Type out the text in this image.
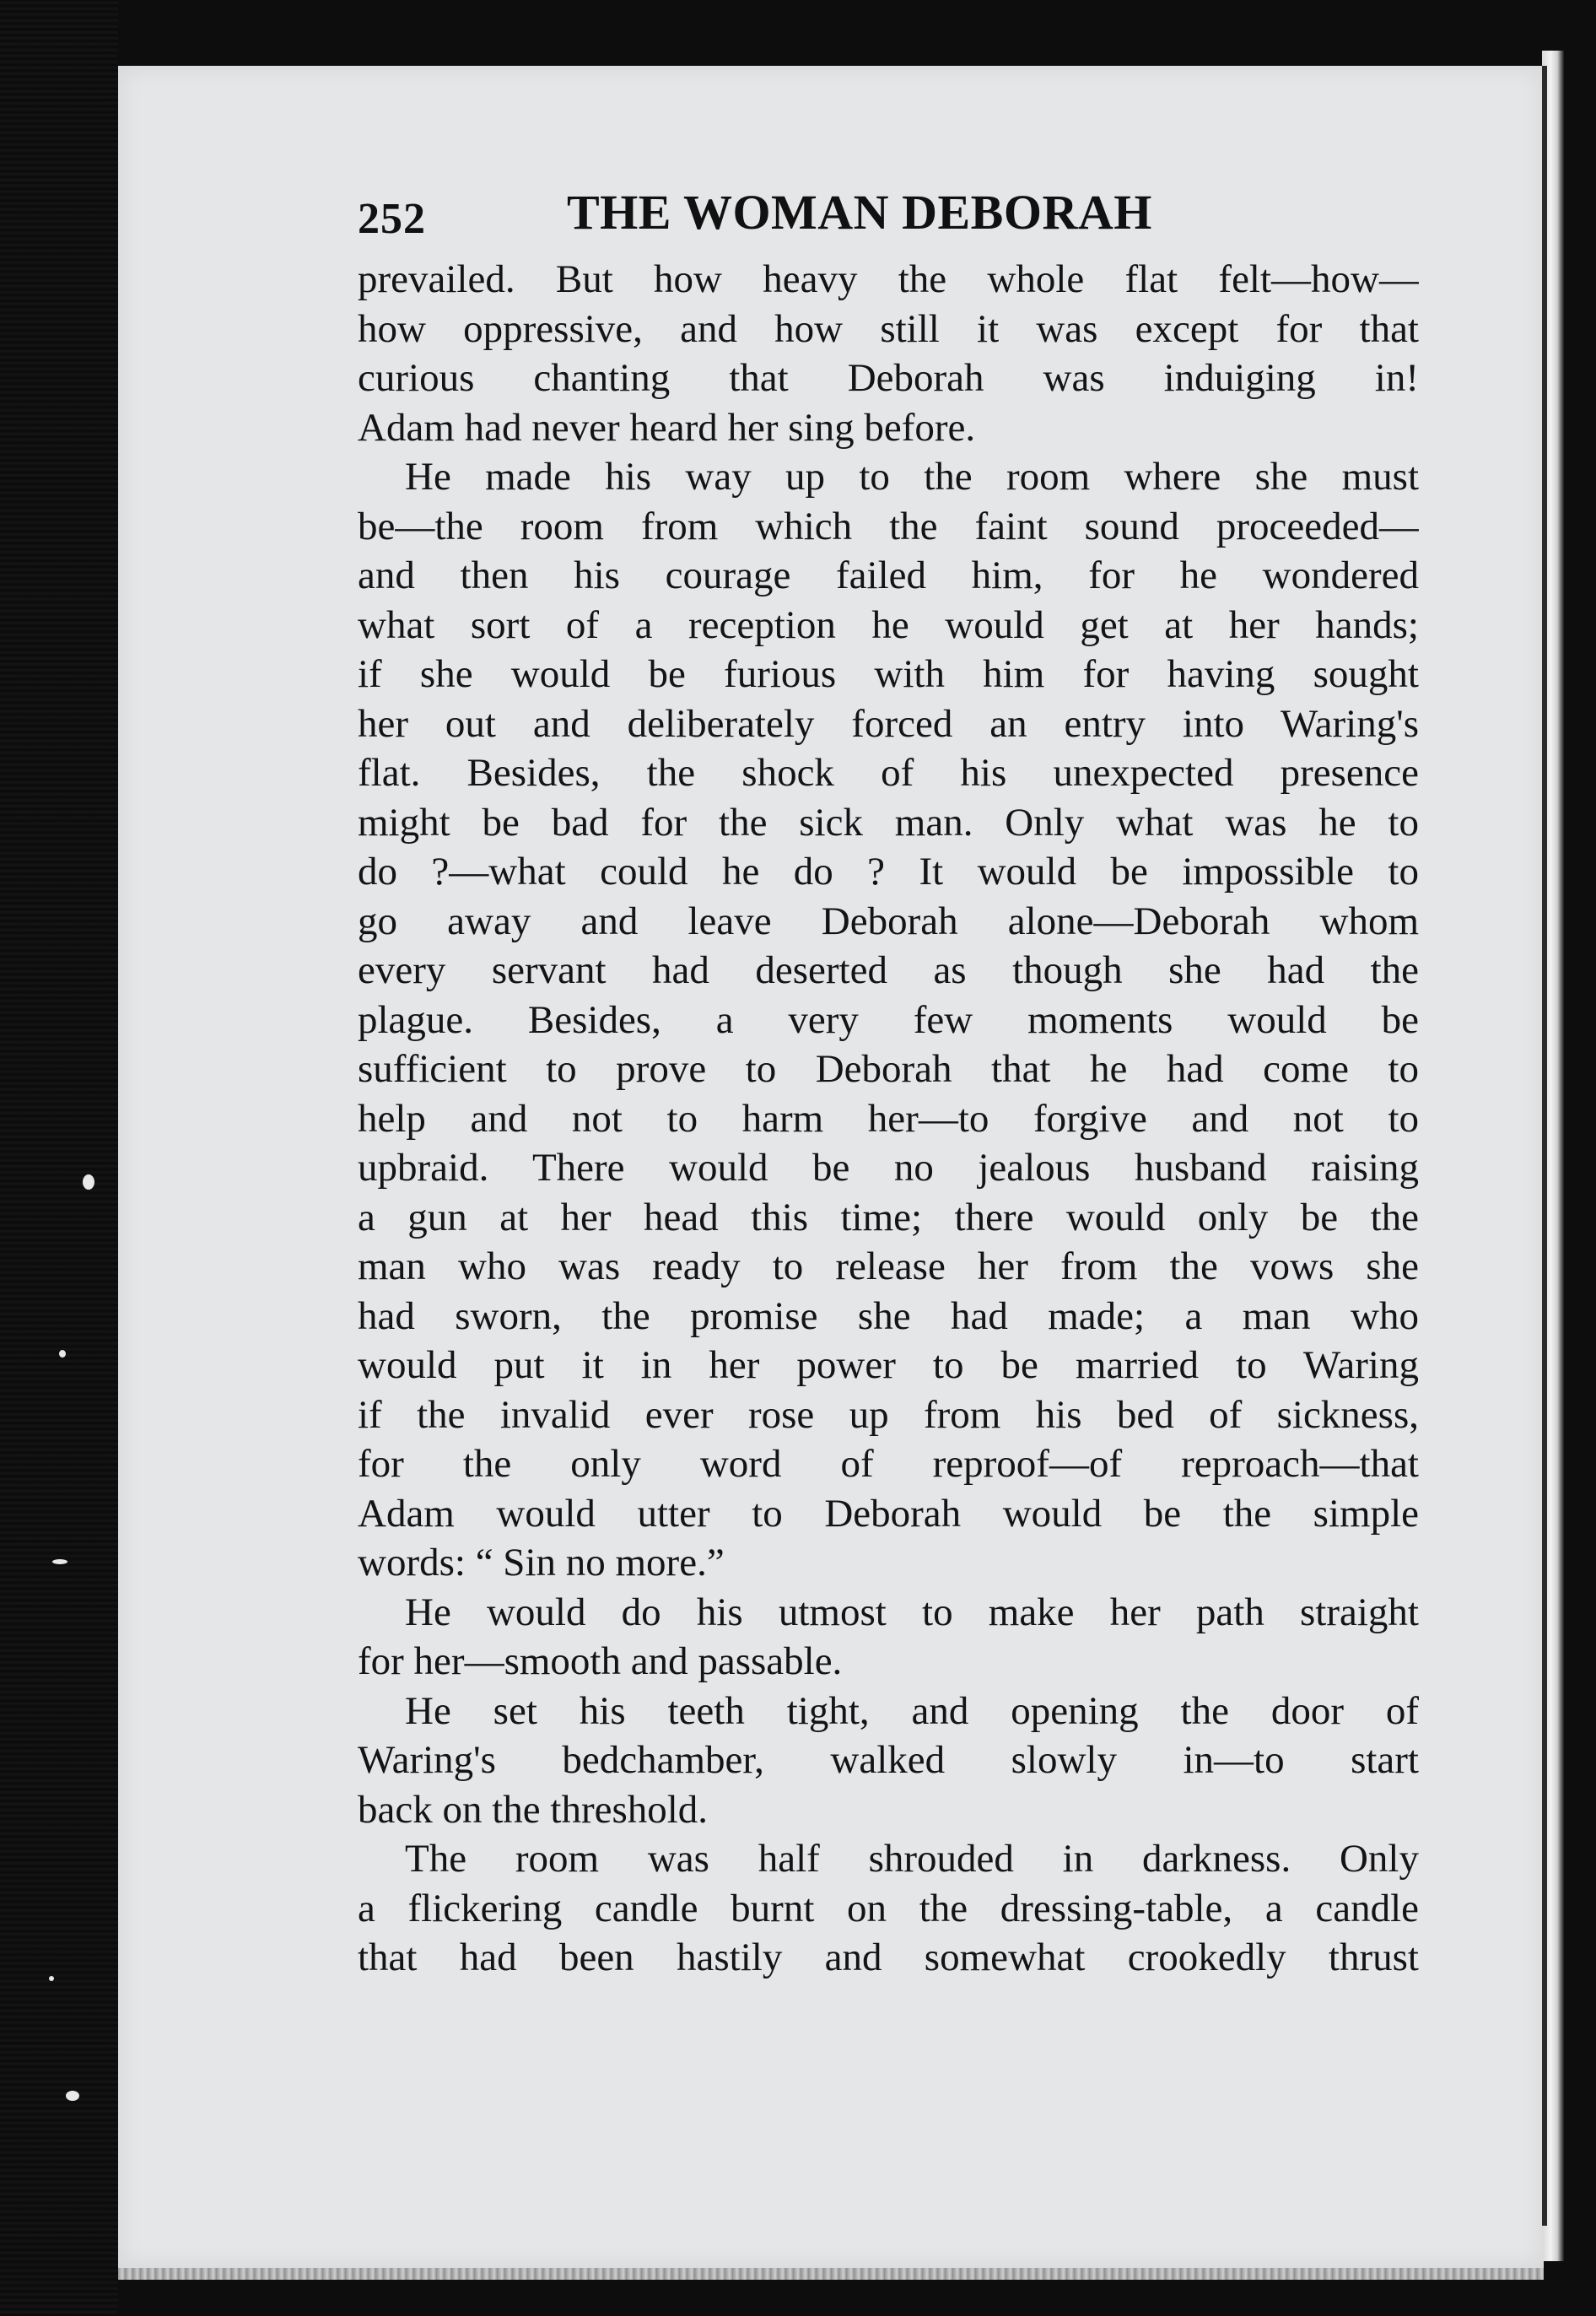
252	THE WOMAN DEBORAH
prevailed. But how heavy the whole flat felt—how—
how oppressive, and how still it was except for that
curious chanting that Deborah was induiging in!
Adam had never heard her sing before.
He made his way up to the room where she must
be—the room from which the faint sound proceeded—
and then his courage failed him, for he wondered
what sort of a reception he would get at her hands;
if she would be furious with him for having sought
her out and deliberately forced an entry into Waring's
flat. Besides, the shock of his unexpected presence
might be bad for the sick man. Only what was he to
do ?—what could he do ? It would be impossible to
go away and leave Deborah alone—Deborah whom
every servant had deserted as though she had the
plague. Besides, a very few moments would be
sufficient to prove to Deborah that he had come to
help and not to harm her—to forgive and not to
upbraid. There would be no jealous husband raising
a gun at her head this time; there would only be the
man who was ready to release her from the vows she
had sworn, the promise she had made; a man who
would put it in her power to be married to Waring
if the invalid ever rose up from his bed of sickness,
for the only word of reproof—of reproach—that
Adam would utter to Deborah would be the simple
words: “ Sin no more.”
He would do his utmost to make her path straight
for her—smooth and passable.
He set his teeth tight, and opening the door of
Waring's bedchamber, walked slowly in—to start
back on the threshold.
The room was half shrouded in darkness. Only
a flickering candle burnt on the dressing-table, a candle
that had been hastily and somewhat crookedly thrust
